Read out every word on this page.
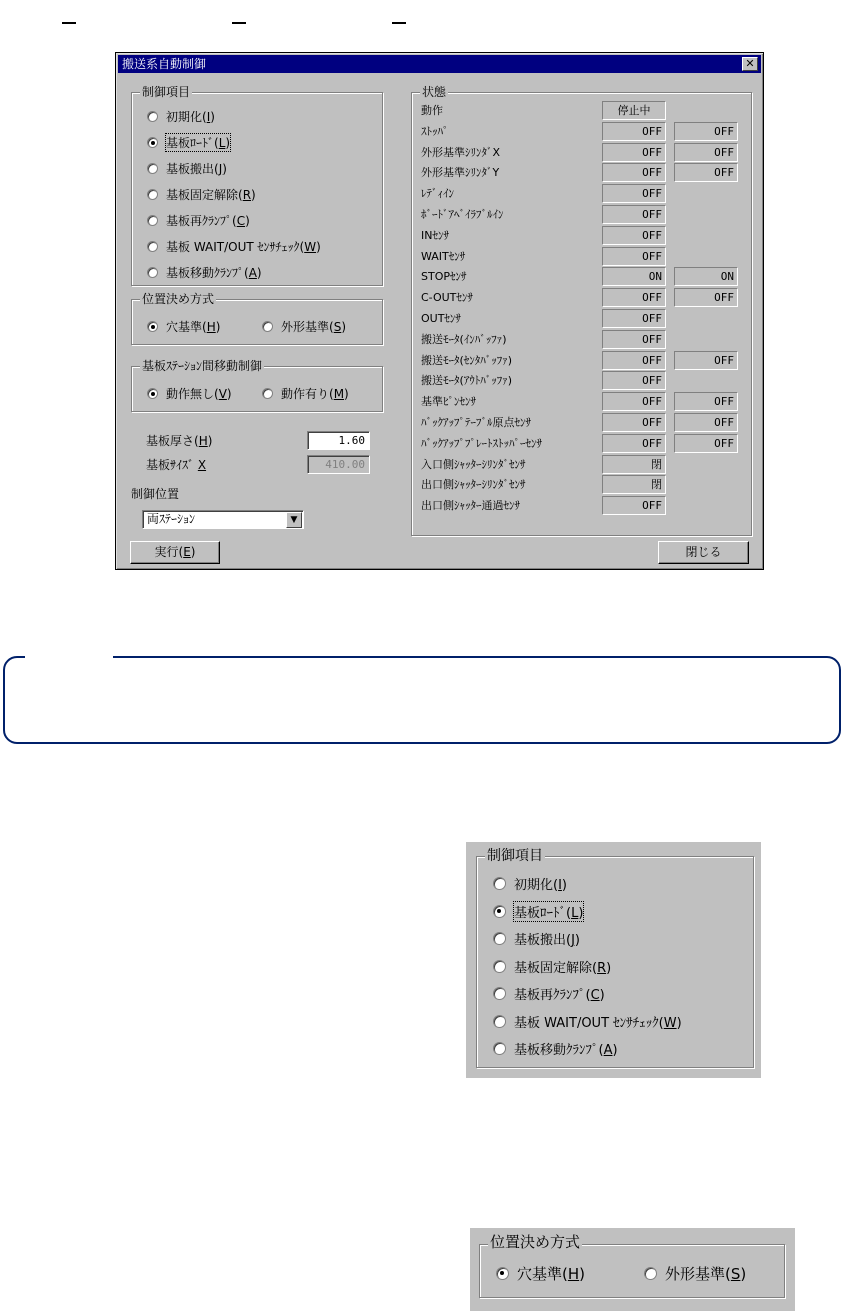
搬送系自動制御	✕
制御項目
初期化(I)
基板ﾛｰﾄﾞ(L)
基板搬出(J)
基板固定解除(R)
基板再ｸﾗﾝﾌﾟ(C)
基板 WAIT/OUT ｾﾝｻﾁｪｯｸ(W)
基板移動ｸﾗﾝﾌﾟ(A)
位置決め方式
穴基準(H)	外形基準(S)
基板ｽﾃｰｼｮﾝ間移動制御
動作無し(V)	動作有り(M)
基板厚さ(H)	1.60
基板ｻｲｽﾞ X	410.00
制御位置
両ｽﾃｰｼｮﾝ	▼
実行(E)
状態
動作	停止中
ｽﾄｯﾊﾟ	OFF	OFF
外形基準ｼﾘﾝﾀﾞX	OFF	OFF
外形基準ｼﾘﾝﾀﾞY	OFF	OFF
ﾚﾃﾞｨｲﾝ	OFF
ﾎﾞｰﾄﾞｱﾍﾞｲﾗﾌﾞﾙｲﾝ	OFF
INｾﾝｻ	OFF
WAITｾﾝｻ	OFF
STOPｾﾝｻ	ON	ON
C-OUTｾﾝｻ	OFF	OFF
OUTｾﾝｻ	OFF
搬送ﾓｰﾀ(ｲﾝﾊﾞｯﾌｧ)	OFF
搬送ﾓｰﾀ(ｾﾝﾀﾊﾞｯﾌｧ)	OFF	OFF
搬送ﾓｰﾀ(ｱｳﾄﾊﾞｯﾌｧ)	OFF
基準ﾋﾟﾝｾﾝｻ	OFF	OFF
ﾊﾞｯｸｱｯﾌﾟﾃｰﾌﾞﾙ原点ｾﾝｻ	OFF	OFF
ﾊﾞｯｸｱｯﾌﾟﾌﾟﾚｰﾄｽﾄｯﾊﾟｰｾﾝｻ	OFF	OFF
入口側ｼｬｯﾀｰｼﾘﾝﾀﾞｾﾝｻ	閉
出口側ｼｬｯﾀｰｼﾘﾝﾀﾞｾﾝｻ	閉
出口側ｼｬｯﾀｰ通過ｾﾝｻ	OFF
閉じる
制御項目
初期化(I)
基板ﾛｰﾄﾞ(L)
基板搬出(J)
基板固定解除(R)
基板再ｸﾗﾝﾌﾟ(C)
基板 WAIT/OUT ｾﾝｻﾁｪｯｸ(W)
基板移動ｸﾗﾝﾌﾟ(A)
位置決め方式
穴基準(H)	外形基準(S)
